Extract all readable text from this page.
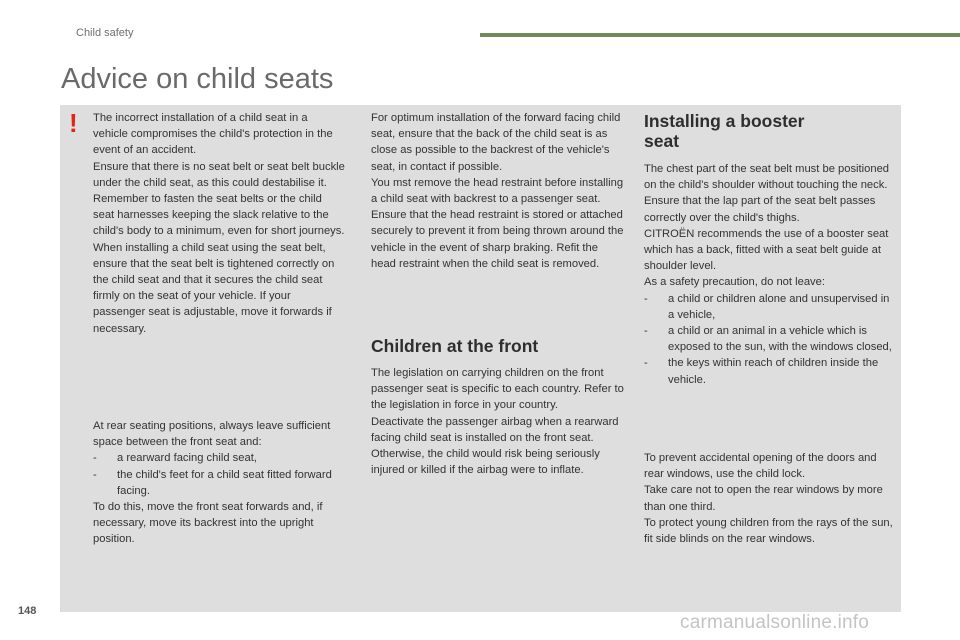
Child safety
Advice on child seats
! The incorrect installation of a child seat in a vehicle compromises the child's protection in the event of an accident.

Ensure that there is no seat belt or seat belt buckle under the child seat, as this could destabilise it.

Remember to fasten the seat belts or the child seat harnesses keeping the slack relative to the child's body to a minimum, even for short journeys.

When installing a child seat using the seat belt, ensure that the seat belt is tightened correctly on the child seat and that it secures the child seat firmly on the seat of your vehicle. If your passenger seat is adjustable, move it forwards if necessary.

At rear seating positions, always leave sufficient space between the front seat and:

- a rearward facing child seat,
- the child's feet for a child seat fitted forward facing.

To do this, move the front seat forwards and, if necessary, move its backrest into the upright position.

For optimum installation of the forward facing child seat, ensure that the back of the child seat is as close as possible to the backrest of the vehicle's seat, in contact if possible.

You mst remove the head restraint before installing a child seat with backrest to a passenger seat.

Ensure that the head restraint is stored or attached securely to prevent it from being thrown around the vehicle in the event of sharp braking. Refit the head restraint when the child seat is removed.

Children at the front

The legislation on carrying children on the front passenger seat is specific to each country. Refer to the legislation in force in your country.

Deactivate the passenger airbag when a rearward facing child seat is installed on the front seat.

Otherwise, the child would risk being seriously injured or killed if the airbag were to inflate.

Installing a booster
seat

The chest part of the seat belt must be positioned on the child's shoulder without touching the neck.

Ensure that the lap part of the seat belt passes correctly over the child's thighs.

CITROËN recommends the use of a booster seat which has a back, fitted with a seat belt guide at shoulder level.

As a safety precaution, do not leave:

- a child or children alone and unsupervised in a vehicle,
- a child or an animal in a vehicle which is exposed to the sun, with the windows closed,
- the keys within reach of children inside the vehicle.

To prevent accidental opening of the doors and rear windows, use the child lock.

Take care not to open the rear windows by more than one third.

To protect young children from the rays of the sun, fit side blinds on the rear windows.

148
carmanualsonline.info
